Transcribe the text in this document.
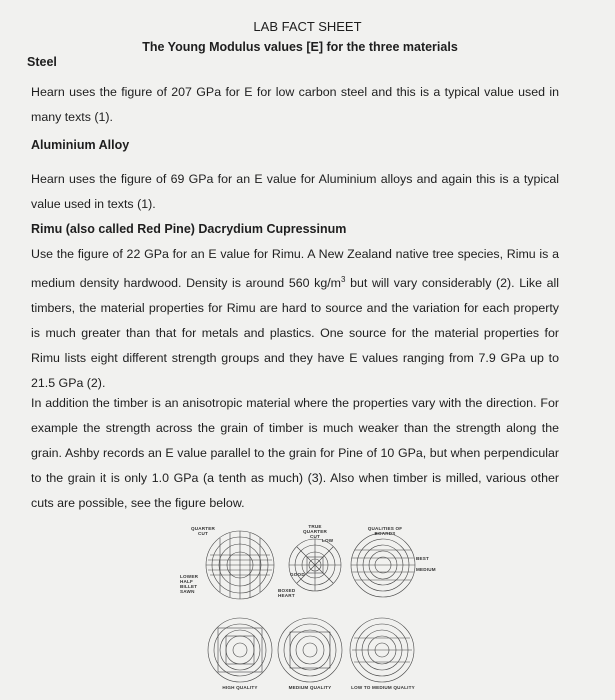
LAB FACT SHEET
The Young Modulus values [E] for the three materials
Steel
Hearn uses the figure of 207 GPa for E for low carbon steel and this is a typical value used in many texts (1).
Aluminium Alloy
Hearn uses the figure of 69 GPa for an E value for Aluminium alloys and again this is a typical value used in texts (1).
Rimu (also called Red Pine) Dacrydium Cupressinum
Use the figure of 22 GPa for an E value for Rimu. A New Zealand native tree species, Rimu is a medium density hardwood. Density is around 560 $kg/m^3$ but will vary considerably (2). Like all timbers, the material properties for Rimu are hard to source and the variation for each property is much greater than that for metals and plastics. One source for the material properties for Rimu lists eight different strength groups and they have E values ranging from 7.9 GPa up to 21.5 GPa (2).
In addition the timber is an anisotropic material where the properties vary with the direction. For example the strength across the grain of timber is much weaker than the strength along the grain. Ashby records an E value parallel to the grain for Pine of 10 GPa, but when perpendicular to the grain it is only 1.0 GPa (a tenth as much) (3). Also when timber is milled, various other cuts are possible, see the figure below.
QUARTER CUT
TRUE QUARTER CUT
LOW
GOOD
LOWER HALF BILLET SAWN	BOXED HEART
QUALITIES OF BOARDS
BEST
MEDIUM
HIGH QUALITY	MEDIUM QUALITY	LOW TO MEDIUM QUALITY
